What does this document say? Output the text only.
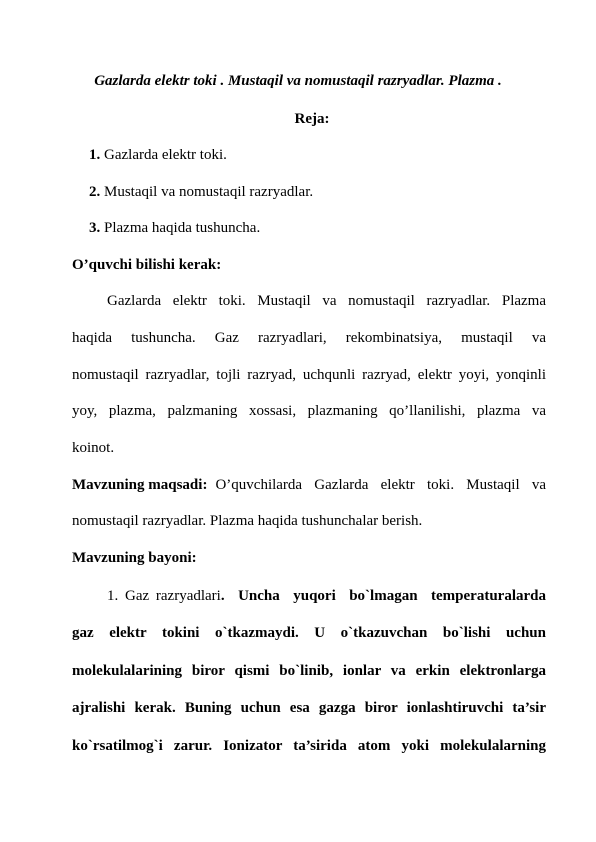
Gazlarda elektr toki . Mustaqil va nomustaqil razryadlar. Plazma .
Reja:
1. Gazlarda elektr toki.
2. Mustaqil va nomustaqil razryadlar.
3. Plazma haqida tushuncha.
O’quvchi bilishi kerak:
Gazlarda elektr toki. Mustaqil va nomustaqil razryadlar. Plazma
haqida tushuncha. Gaz razryadlari, rekombinatsiya, mustaqil va
nomustaqil razryadlar, tojli razryad, uchqunli razryad, elektr yoyi, yonqinli
yoy, plazma, palzmaning xossasi, plazmaning qo’llanilishi, plazma va
koinot.
Mavzuning maqsadi: O’quvchilarda Gazlarda elektr toki. Mustaqil va
nomustaqil razryadlar. Plazma haqida tushunchalar berish.
Mavzuning bayoni:
1. Gaz razryadlari . Uncha yuqori bo`lmagan temperaturalarda
gaz elektr tokini o`tkazmaydi. U o`tkazuvchan bo`lishi uchun
molekulalarining biror qismi bo`linib, ionlar va erkin elektronlarga
ajralishi kerak. Buning uchun esa gazga biror ionlashtiruvchi ta’sir
ko`rsatilmog`i zarur. Ionizator ta’sirida atom yoki molekulalarning
